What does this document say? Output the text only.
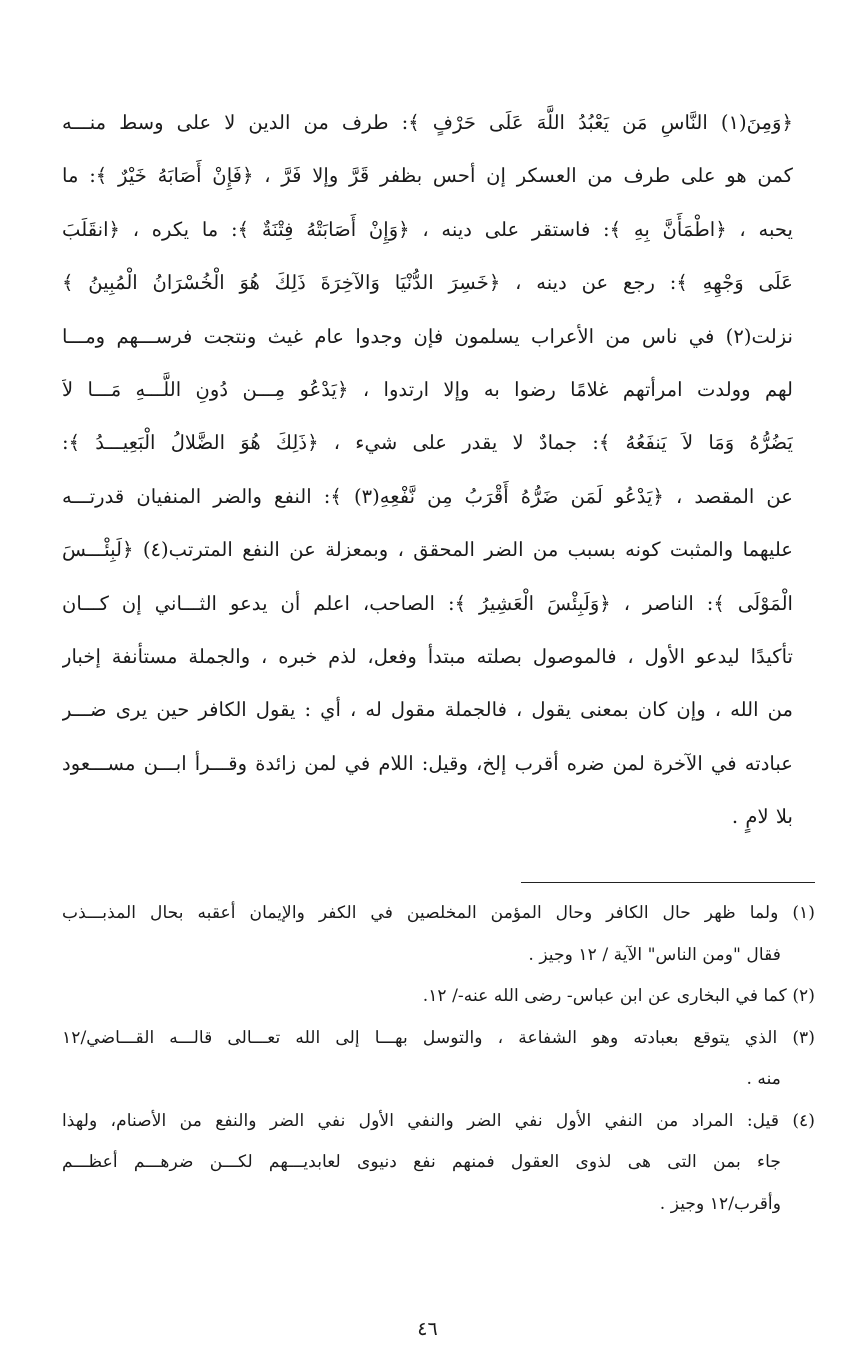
﴿وَمِنَ(١) النَّاسِ مَن يَعْبُدُ اللَّهَ عَلَى حَرْفٍ ﴾: طرف من الدين لا على وسط منـــه
كمن هو على طرف من العسكر إن أحس بظفر قَرَّ وإلا فَرَّ ، ﴿فَإِنْ أَصَابَهُ خَيْرٌ ﴾: ما
يحبه ، ﴿اطْمَأَنَّ بِهِ ﴾: فاستقر على دينه ، ﴿وَإِنْ أَصَابَتْهُ فِتْنَةٌ ﴾: ما يكره ، ﴿انقَلَبَ
عَلَى وَجْهِهِ ﴾: رجع عن دينه ، ﴿خَسِرَ الدُّنْيَا وَالآخِرَةَ ذَلِكَ هُوَ الْخُسْرَانُ الْمُبِينُ ﴾
نزلت(٢) في ناس من الأعراب يسلمون فإن وجدوا عام غيث ونتجت فرســـهم ومـــا
لهم وولدت امرأتهم غلامًا رضوا به وإلا ارتدوا ، ﴿يَدْعُو مِـــن دُونِ اللَّـــهِ مَـــا لاَ
يَضُرُّهُ وَمَا لاَ يَنفَعُهُ ﴾: جمادٌ لا يقدر على شيء ، ﴿ذَلِكَ هُوَ الضَّلالُ الْبَعِيـــدُ ﴾:
عن المقصد ، ﴿يَدْعُو لَمَن ضَرُّهُ أَقْرَبُ مِن نَّفْعِهِ(٣) ﴾: النفع والضر المنفيان قدرتـــه
عليهما والمثبت كونه بسبب من الضر المحقق ، وبمعزلة عن النفع المترتب(٤) ﴿لَبِئْـــسَ
الْمَوْلَى ﴾: الناصر ، ﴿وَلَبِئْسَ الْعَشِيرُ ﴾: الصاحب، اعلم أن يدعو الثـــاني إن كـــان
تأكيدًا ليدعو الأول ، فالموصول بصلته مبتدأ وفعل، لذم خبره ، والجملة مستأنفة إخبار
من الله ، وإن كان بمعنى يقول ، فالجملة مقول له ، أي : يقول الكافر حين يرى ضـــر
عبادته في الآخرة لمن ضره أقرب إلخ، وقيل: اللام في لمن زائدة وقـــرأ ابـــن مســـعود
بلا لامٍ .
(١) ولما ظهر حال الكافر وحال المؤمن المخلصين في الكفر والإيمان أعقبه بحال المذبـــذب
فقال "ومن الناس" الآية / ١٢ وجيز .
(٢) كما في البخارى عن ابن عباس- رضى الله عنه-/ ١٢.
(٣) الذي يتوقع بعبادته وهو الشفاعة ، والتوسل بهـــا إلى الله تعـــالى قالـــه القـــاضي/١٢
منه .
(٤) قيل: المراد من النفي الأول نفي الضر والنفي الأول نفي الضر والنفع من الأصنام، ولهذا
جاء بمن التى هى لذوى العقول فمنهم نفع دنيوى لعابديـــهم لكـــن ضرهـــم أعظـــم
وأقرب/١٢ وجيز .
٤٦
